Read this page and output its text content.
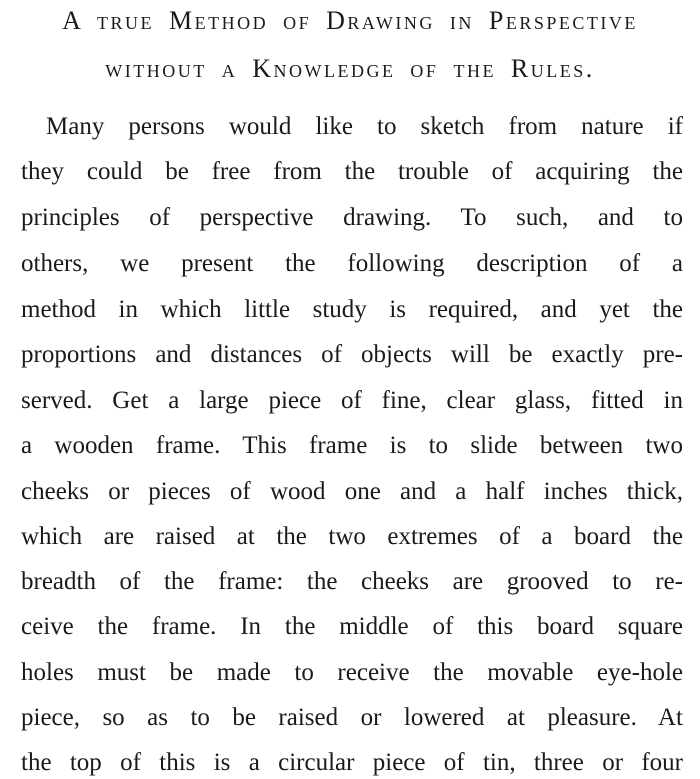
A true Method of Drawing in Perspective
without a Knowledge of the Rules.
Many persons would like to sketch from nature if
they could be free from the trouble of acquiring the
principles of perspective drawing. To such, and to
others, we present the following description of a
method in which little study is required, and yet the
proportions and distances of objects will be exactly pre-
served. Get a large piece of fine, clear glass, fitted in
a wooden frame. This frame is to slide between two
cheeks or pieces of wood one and a half inches thick,
which are raised at the two extremes of a board the
breadth of the frame: the cheeks are grooved to re-
ceive the frame. In the middle of this board square
holes must be made to receive the movable eye-hole
piece, so as to be raised or lowered at pleasure. At
the top of this is a circular piece of tin, three or four
